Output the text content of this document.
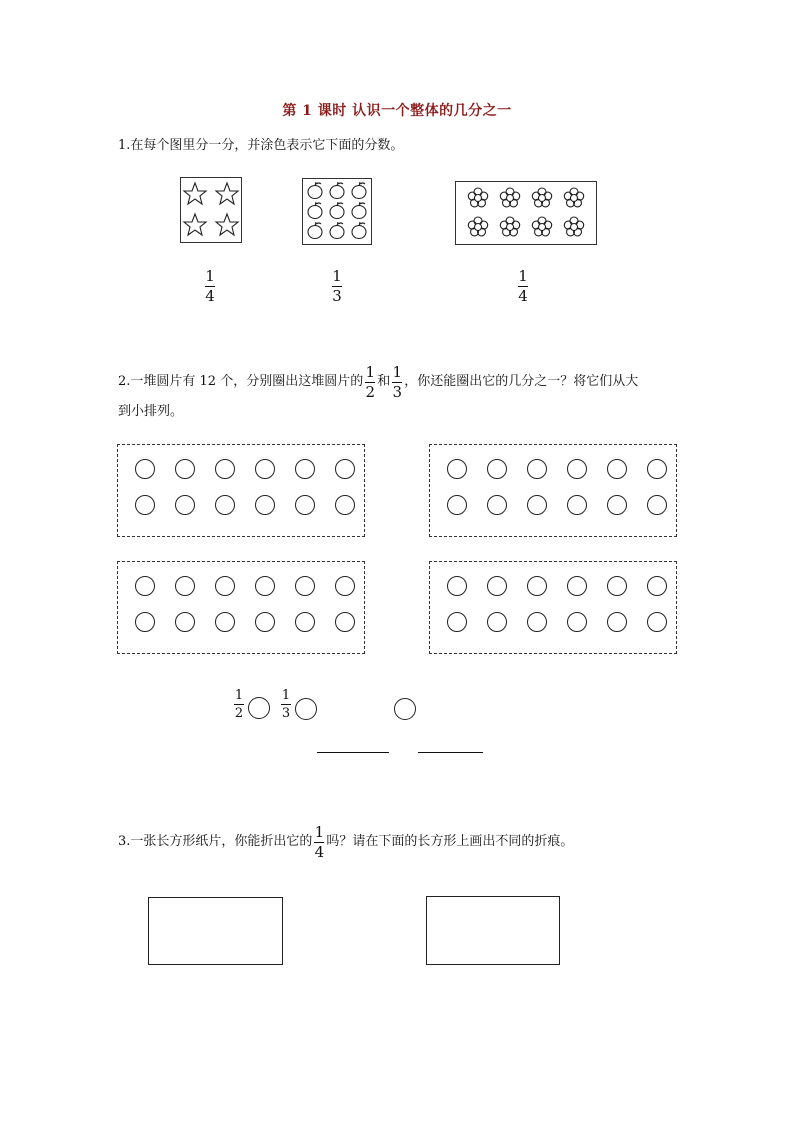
第 1 课时 认识一个整体的几分之一
1.在每个图里分一分，并涂色表示它下面的分数。
1
4
1
3
1
4
2.一堆圆片有 12 个，分别圈出这堆圆片的 $\frac{1}{2}$ 和 $\frac{1}{3}$ ，你还能圈出它的几分之一？将它们从大
到小排列。
1
2
1
3
3.一张长方形纸片，你能折出它的 $\frac{1}{4}$ 吗？请在下面的长方形上画出不同的折痕。
